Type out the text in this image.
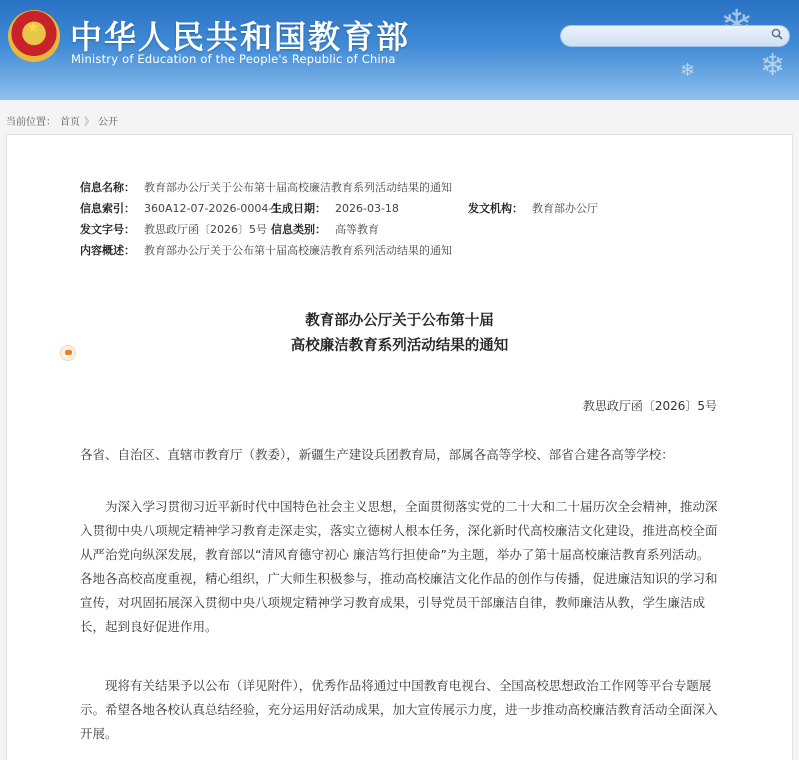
❄
❄
★ 中华人民共和国教育部
Ministry of Education of the People's Republic of China
当前位置： 首页 》 公开
信息名称： 教育部办公厅关于公布第十届高校廉洁教育系列活动结果的通知
信息索引： 360A12-07-2026-0004-1
生成日期： 2026-03-18	发文机构： 教育部办公厅
发文字号： 教思政厅函〔2026〕5号 信息类别： 高等教育
内容概述： 教育部办公厅关于公布第十届高校廉洁教育系列活动结果的通知
教育部办公厅关于公布第十届
高校廉洁教育系列活动结果的通知
教思政厅函〔2026〕5号
各省、自治区、直辖市教育厅（教委），新疆生产建设兵团教育局，部属各高等学校、部省合建各高等学校：
为深入学习贯彻习近平新时代中国特色社会主义思想，全面贯彻落实党的二十大和二十届历次全会精神，推动深入贯彻中央八项规定精神学习教育走深走实，落实立德树人根本任务，深化新时代高校廉洁文化建设，推进高校全面从严治党向纵深发展，教育部以“清风育德守初心 廉洁笃行担使命”为主题，举办了第十届高校廉洁教育系列活动。各地各高校高度重视，精心组织，广大师生积极参与，推动高校廉洁文化作品的创作与传播，促进廉洁知识的学习和宣传，对巩固拓展深入贯彻中央八项规定精神学习教育成果，引导党员干部廉洁自律，教师廉洁从教，学生廉洁成长，起到良好促进作用。
现将有关结果予以公布（详见附件），优秀作品将通过中国教育电视台、全国高校思想政治工作网等平台专题展示。希望各地各校认真总结经验，充分运用好活动成果，加大宣传展示力度，进一步推动高校廉洁教育活动全面深入开展。
